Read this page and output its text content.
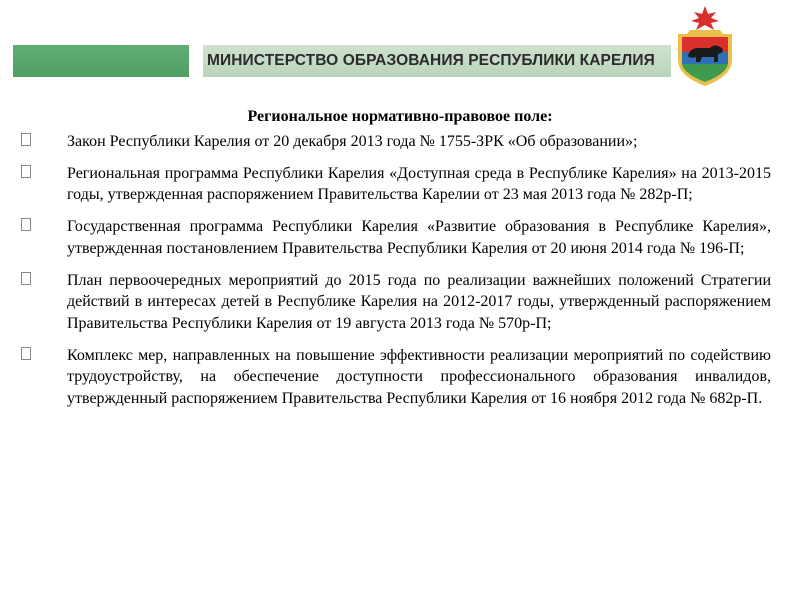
МИНИСТЕРСТВО ОБРАЗОВАНИЯ РЕСПУБЛИКИ КАРЕЛИЯ
Региональное нормативно-правовое поле:
Закон Республики Карелия от 20 декабря 2013 года № 1755-ЗРК «Об образовании»;
Региональная программа Республики Карелия «Доступная среда в Республике Карелия» на 2013-2015 годы, утвержденная распоряжением Правительства Карелии от 23 мая 2013 года № 282р-П;
Государственная программа Республики Карелия «Развитие образования в Республике Карелия», утвержденная постановлением Правительства Республики Карелия от 20 июня 2014 года № 196-П;
План первоочередных мероприятий до 2015 года по реализации важнейших положений Стратегии действий в интересах детей в Республике Карелия на 2012-2017 годы, утвержденный распоряжением Правительства Республики Карелия от 19 августа 2013 года № 570р-П;
Комплекс мер, направленных на повышение эффективности реализации мероприятий по содействию трудоустройству, на обеспечение доступности профессионального образования инвалидов, утвержденный распоряжением Правительства Республики Карелия от 16 ноября 2012 года № 682р-П.
